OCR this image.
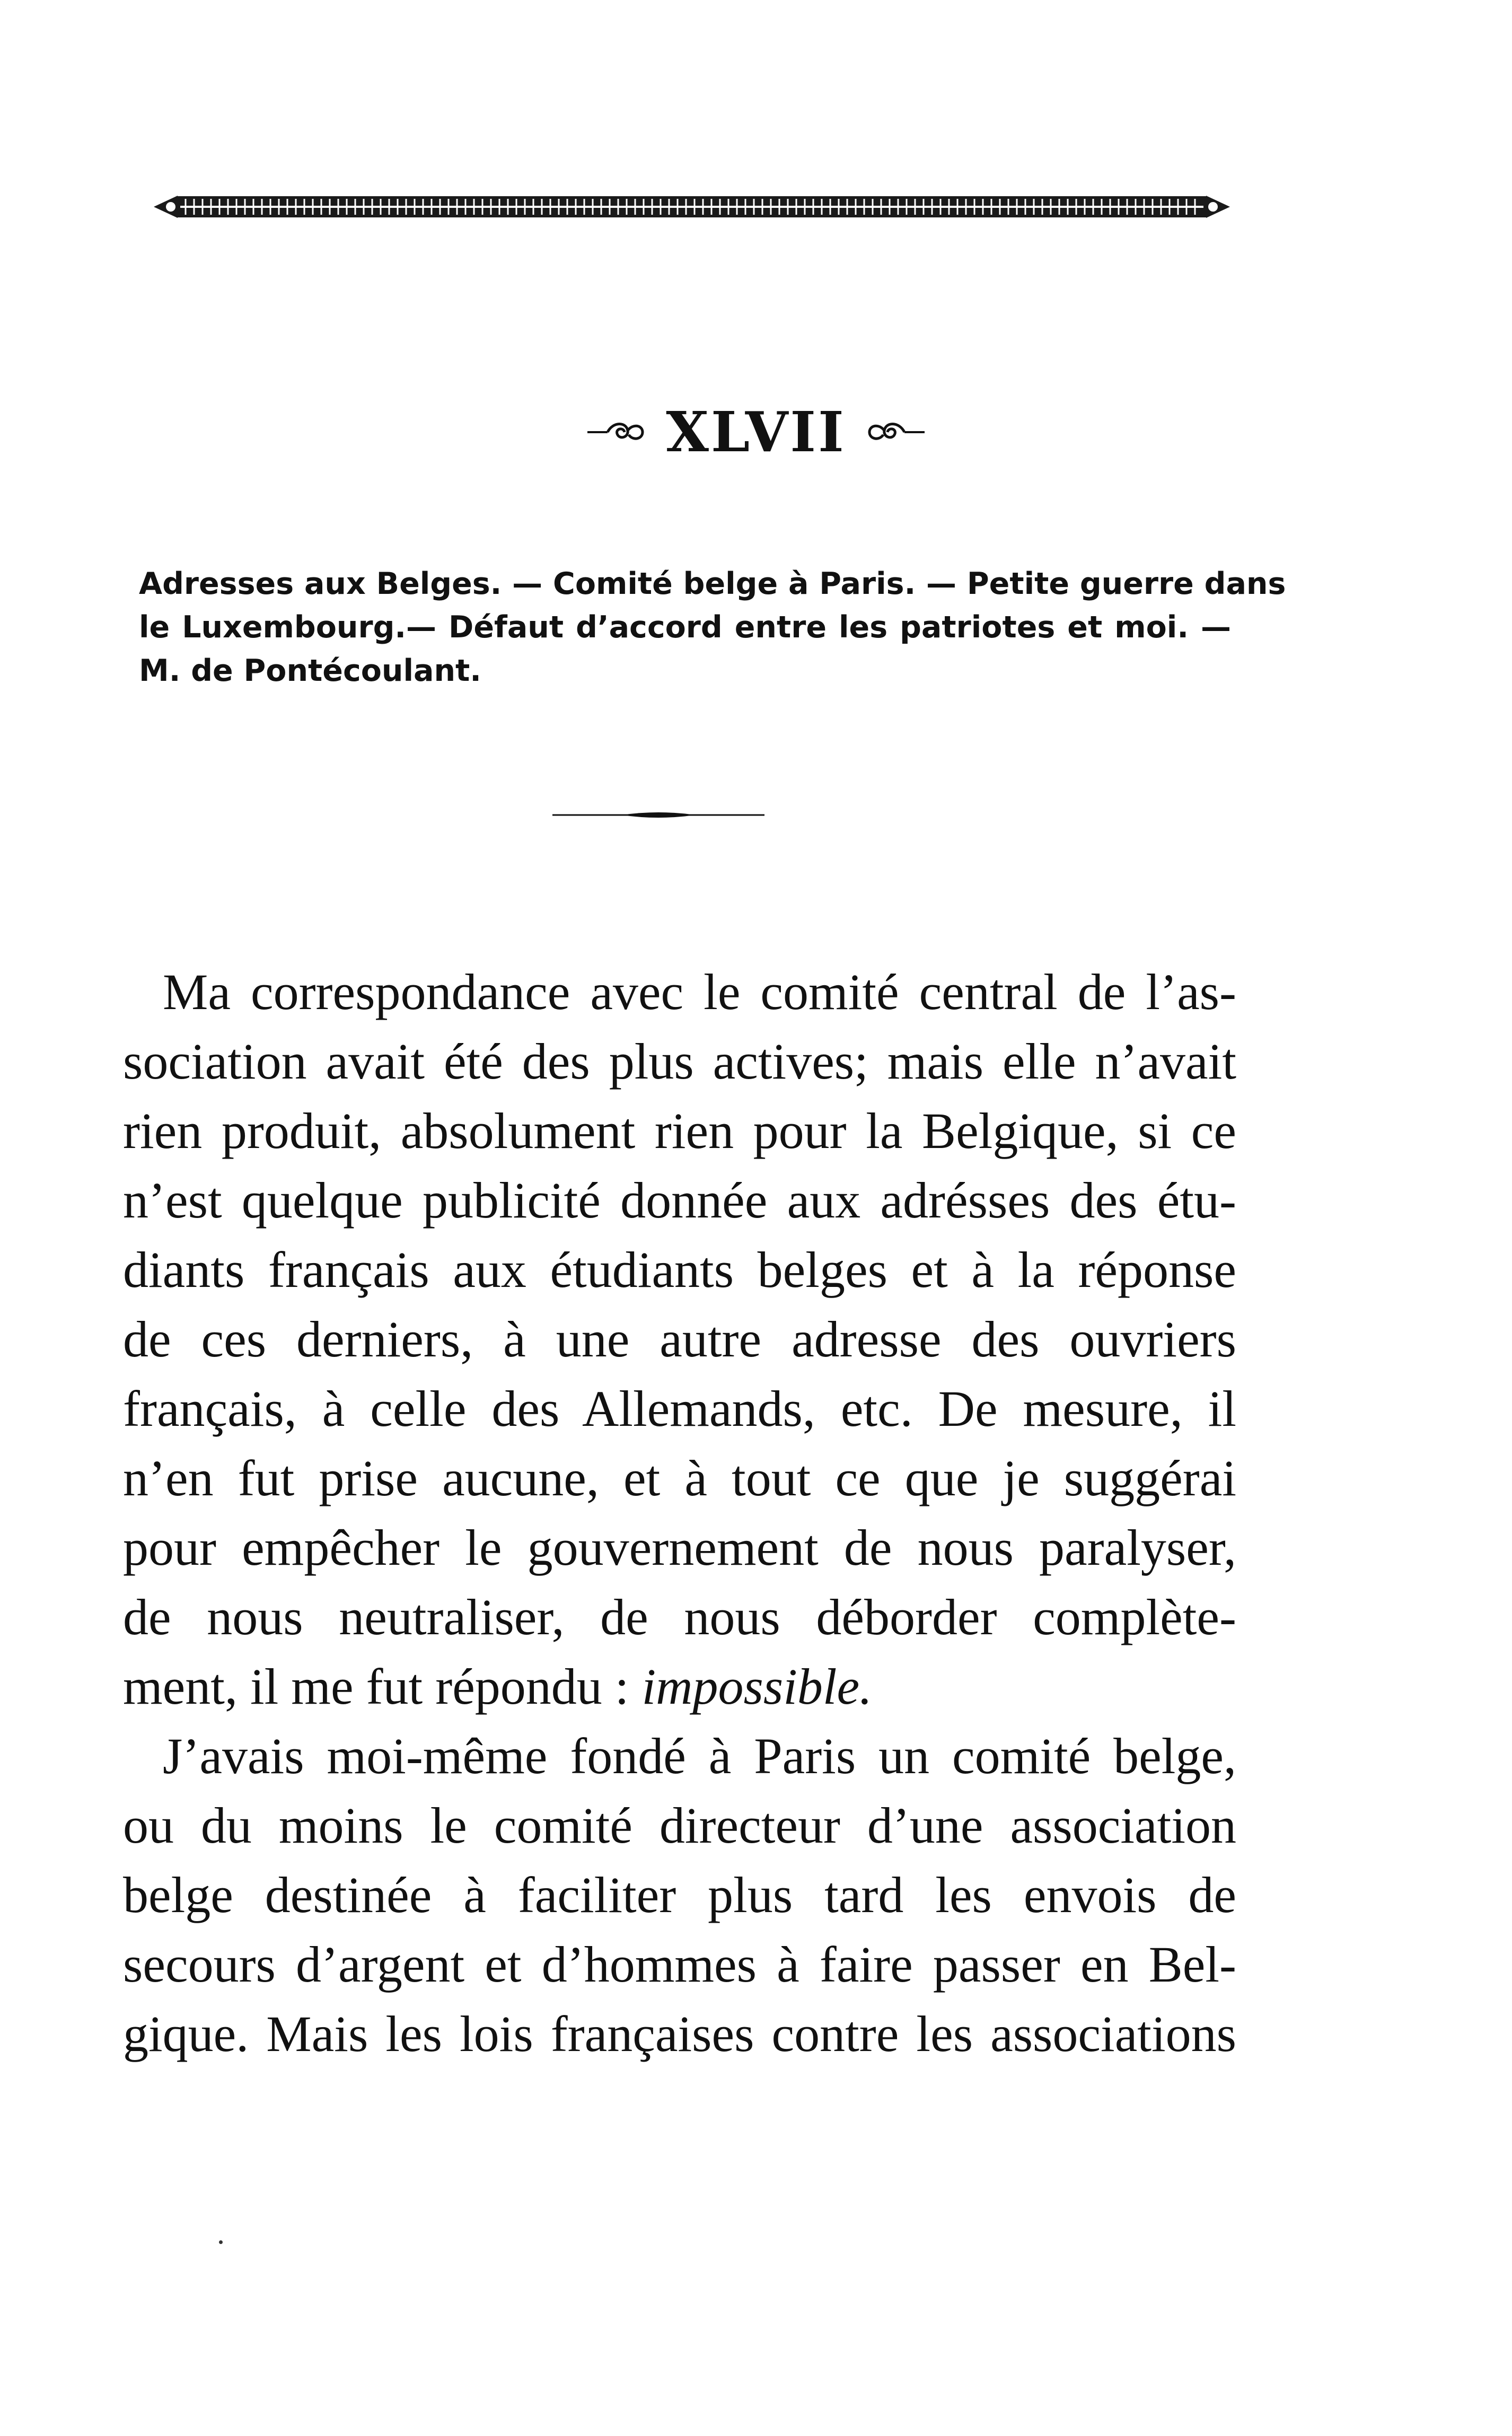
XLVII
Adresses aux Belges. — Comité belge à Paris. — Petite guerre dans
le Luxembourg.— Défaut d’accord entre les patriotes et moi. —
M. de Pontécoulant.
Ma correspondance avec le comité central de l’as-
sociation avait été des plus actives; mais elle n’avait
rien produit, absolument rien pour la Belgique, si ce
n’est quelque publicité donnée aux adrésses des étu-
diants français aux étudiants belges et à la réponse
de ces derniers, à une autre adresse des ouvriers
français, à celle des Allemands, etc. De mesure, il
n’en fut prise aucune, et à tout ce que je suggérai
pour empêcher le gouvernement de nous paralyser,
de nous neutraliser, de nous déborder complète-
ment, il me fut répondu : impossible.
J’avais moi-même fondé à Paris un comité belge,
ou du moins le comité directeur d’une association
belge destinée à faciliter plus tard les envois de
secours d’argent et d’hommes à faire passer en Bel-
gique. Mais les lois françaises contre les associations
